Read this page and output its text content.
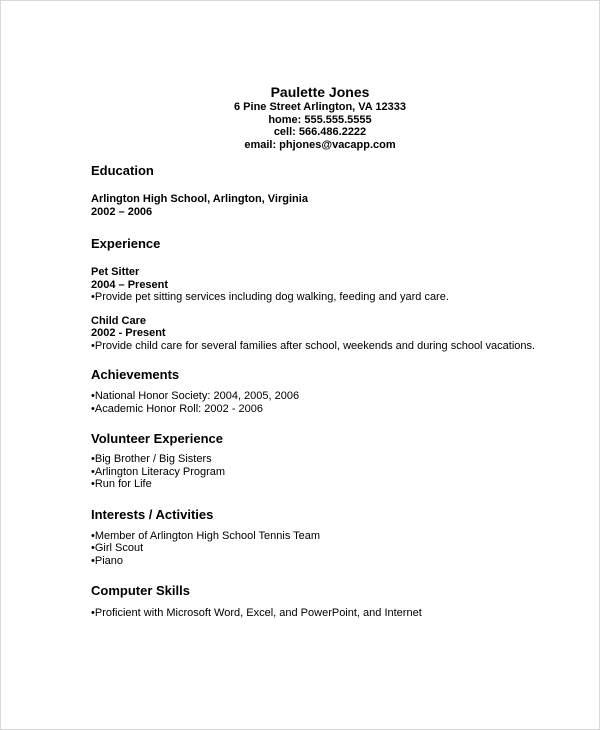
Paulette Jones
6 Pine Street Arlington, VA 12333
home: 555.555.5555
cell: 566.486.2222
email: phjones@vacapp.com
Education
Arlington High School, Arlington, Virginia
2002 – 2006
Experience
Pet Sitter
2004 – Present
• Provide pet sitting services including dog walking, feeding and yard care.
Child Care
2002 - Present
• Provide child care for several families after school, weekends and during school vacations.
Achievements
• National Honor Society: 2004, 2005, 2006
• Academic Honor Roll: 2002 - 2006
Volunteer Experience
• Big Brother / Big Sisters
• Arlington Literacy Program
• Run for Life
Interests / Activities
• Member of Arlington High School Tennis Team
• Girl Scout
• Piano
Computer Skills
• Proficient with Microsoft Word, Excel, and PowerPoint, and Internet
